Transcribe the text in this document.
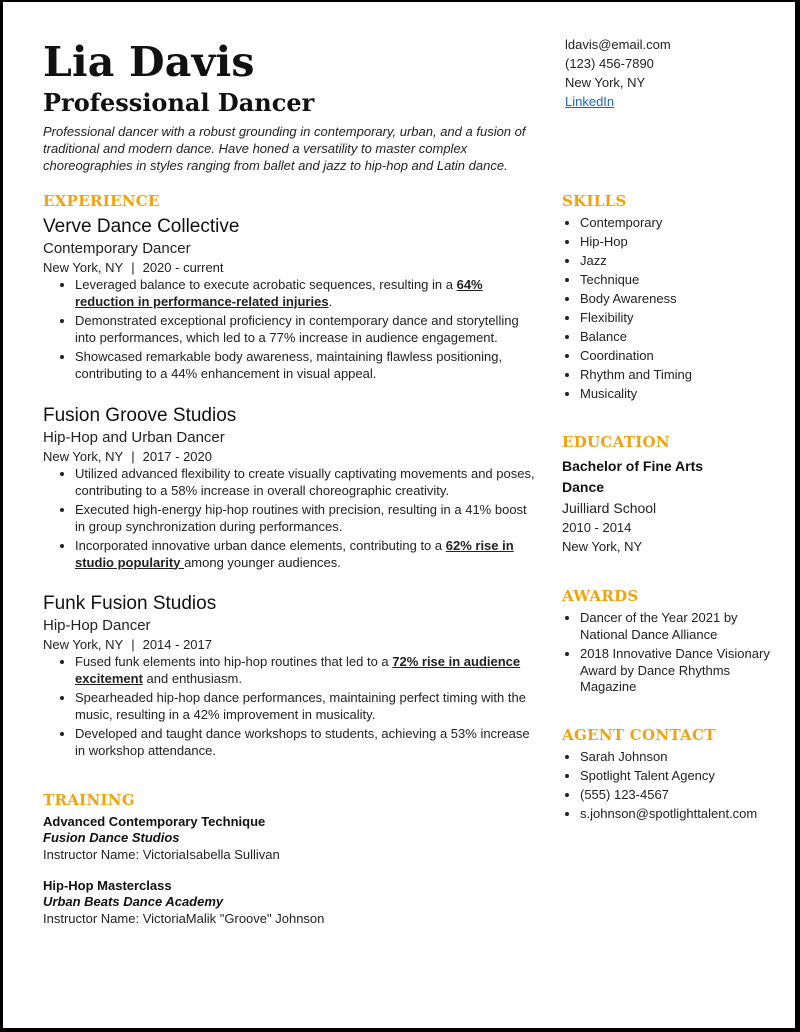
Lia Davis
Professional Dancer

Professional dancer with a robust grounding in contemporary, urban, and a fusion of traditional and modern dance. Have honed a versatility to master complex choreographies in styles ranging from ballet and jazz to hip-hop and Latin dance.

ldavis@email.com
(123) 456-7890
New York, NY
LinkedIn
EXPERIENCE
Verve Dance Collective
Contemporary Dancer
New York, NY | 2020 - current
• Leveraged balance to execute acrobatic sequences, resulting in a 64% reduction in performance-related injuries.
• Demonstrated exceptional proficiency in contemporary dance and storytelling into performances, which led to a 77% increase in audience engagement.
• Showcased remarkable body awareness, maintaining flawless positioning, contributing to a 44% enhancement in visual appeal.
Fusion Groove Studios
Hip-Hop and Urban Dancer
New York, NY | 2017 - 2020
• Utilized advanced flexibility to create visually captivating movements and poses, contributing to a 58% increase in overall choreographic creativity.
• Executed high-energy hip-hop routines with precision, resulting in a 41% boost in group synchronization during performances.
• Incorporated innovative urban dance elements, contributing to a 62% rise in studio popularity among younger audiences.
Funk Fusion Studios
Hip-Hop Dancer
New York, NY | 2014 - 2017
• Fused funk elements into hip-hop routines that led to a 72% rise in audience excitement and enthusiasm.
• Spearheaded hip-hop dance performances, maintaining perfect timing with the music, resulting in a 42% improvement in musicality.
• Developed and taught dance workshops to students, achieving a 53% increase in workshop attendance.
TRAINING
Advanced Contemporary Technique
Fusion Dance Studios
Instructor Name: VictoriaIsabella Sullivan
Hip-Hop Masterclass
Urban Beats Dance Academy
Instructor Name: VictoriaMalik "Groove" Johnson
SKILLS
• Contemporary
• Hip-Hop
• Jazz
• Technique
• Body Awareness
• Flexibility
• Balance
• Coordination
• Rhythm and Timing
• Musicality
EDUCATION
Bachelor of Fine Arts
Dance
Juilliard School
2010 - 2014
New York, NY
AWARDS
• Dancer of the Year 2021 by National Dance Alliance
• 2018 Innovative Dance Visionary Award by Dance Rhythms Magazine
AGENT CONTACT
• Sarah Johnson
• Spotlight Talent Agency
• (555) 123-4567
• s.johnson@spotlighttalent.com
